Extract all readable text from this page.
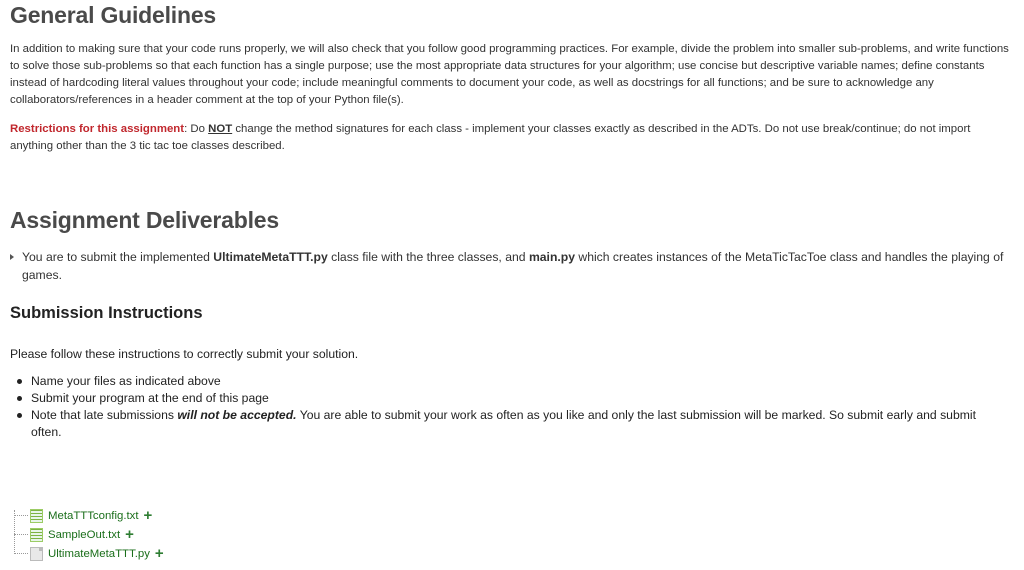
General Guidelines

In addition to making sure that your code runs properly, we will also check that you follow good programming practices. For example, divide the problem into smaller sub-problems, and write functions to solve those sub-problems so that each function has a single purpose; use the most appropriate data structures for your algorithm; use concise but descriptive variable names; define constants instead of hardcoding literal values throughout your code; include meaningful comments to document your code, as well as docstrings for all functions; and be sure to acknowledge any collaborators/references in a header comment at the top of your Python file(s).

Restrictions for this assignment: Do NOT change the method signatures for each class - implement your classes exactly as described in the ADTs. Do not use break/continue; do not import anything other than the 3 tic tac toe classes described.

Assignment Deliverables
You are to submit the implemented UltimateMetaTTT.py class file with the three classes, and main.py which creates instances of the MetaTicTacToe class and handles the playing of games.
Submission Instructions

Please follow these instructions to correctly submit your solution.

Name your files as indicated above
Submit your program at the end of this page
Note that late submissions will not be accepted. You are able to submit your work as often as you like and only the last submission will be marked. So submit early and submit often.
MetaTTTconfig.txt +
SampleOut.txt +
UltimateMetaTTT.py +
